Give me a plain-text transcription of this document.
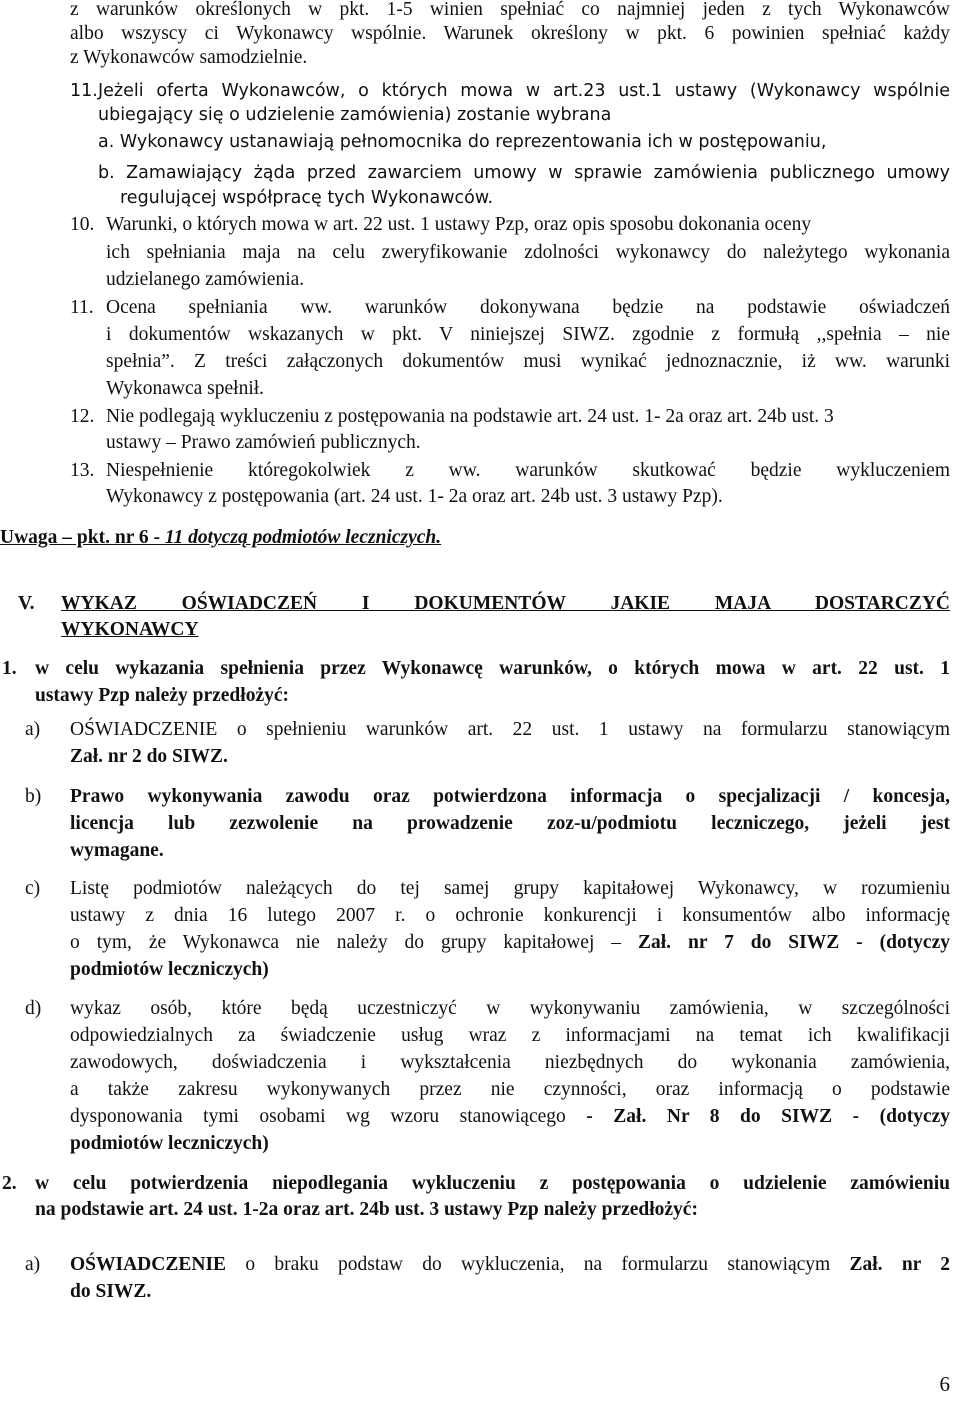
z warunków określonych w pkt. 1-5 winien spełniać co najmniej jeden z tych Wykonawców
albo wszyscy ci Wykonawcy wspólnie. Warunek określony w pkt. 6 powinien spełniać każdy
z Wykonawców samodzielnie.
11. Jeżeli oferta Wykonawców, o których mowa w art.23 ust.1 ustawy (Wykonawcy wspólnie
ubiegający się o udzielenie zamówienia) zostanie wybrana
a. Wykonawcy ustanawiają pełnomocnika do reprezentowania ich w postępowaniu,
b. Zamawiający żąda przed zawarciem umowy w sprawie zamówienia publicznego umowy
regulującej współpracę tych Wykonawców.
10. Warunki, o których mowa w art. 22 ust. 1 ustawy Pzp, oraz opis sposobu dokonania oceny
ich spełniania maja na celu zweryfikowanie zdolności wykonawcy do należytego wykonania
udzielanego zamówienia.
11. Ocena spełniania ww. warunków dokonywana będzie na podstawie oświadczeń
i dokumentów wskazanych w pkt. V niniejszej SIWZ. zgodnie z formułą ,,spełnia – nie
spełnia”. Z treści załączonych dokumentów musi wynikać jednoznacznie, iż ww. warunki
Wykonawca spełnił.
12. Nie podlegają wykluczeniu z postępowania na podstawie art. 24 ust. 1- 2a oraz art. 24b ust. 3
ustawy – Prawo zamówień publicznych.
13. Niespełnienie któregokolwiek z ww. warunków skutkować będzie wykluczeniem
Wykonawcy z postępowania (art. 24 ust. 1- 2a oraz art. 24b ust. 3 ustawy Pzp).
Uwaga – pkt. nr 6 - 11 dotyczą podmiotów leczniczych.
V. WYKAZ OŚWIADCZEŃ I DOKUMENTÓW JAKIE MAJA DOSTARCZYĆ
WYKONAWCY
1. w celu wykazania spełnienia przez Wykonawcę warunków, o których mowa w art. 22 ust. 1
ustawy Pzp należy przedłożyć:
a) OŚWIADCZENIE o spełnieniu warunków art. 22 ust. 1 ustawy na formularzu stanowiącym
Zał. nr 2 do SIWZ.
b) Prawo wykonywania zawodu oraz potwierdzona informacja o specjalizacji / koncesja,
licencja lub zezwolenie na prowadzenie zoz-u/podmiotu leczniczego, jeżeli jest
wymagane.
c) Listę podmiotów należących do tej samej grupy kapitałowej Wykonawcy, w rozumieniu
ustawy z dnia 16 lutego 2007 r. o ochronie konkurencji i konsumentów albo informację
o tym, że Wykonawca nie należy do grupy kapitałowej – Zał. nr 7 do SIWZ - (dotyczy
podmiotów leczniczych)
d) wykaz osób, które będą uczestniczyć w wykonywaniu zamówienia, w szczególności
odpowiedzialnych za świadczenie usług wraz z informacjami na temat ich kwalifikacji
zawodowych, doświadczenia i wykształcenia niezbędnych do wykonania zamówienia,
a także zakresu wykonywanych przez nie czynności, oraz informacją o podstawie
dysponowania tymi osobami wg wzoru stanowiącego - Zał. Nr 8 do SIWZ - (dotyczy
podmiotów leczniczych)
2. w celu potwierdzenia niepodlegania wykluczeniu z postępowania o udzielenie zamówieniu
na podstawie art. 24 ust. 1-2a oraz art. 24b ust. 3 ustawy Pzp należy przedłożyć:
a) OŚWIADCZENIE o braku podstaw do wykluczenia, na formularzu stanowiącym Zał. nr 2
do SIWZ.
6
